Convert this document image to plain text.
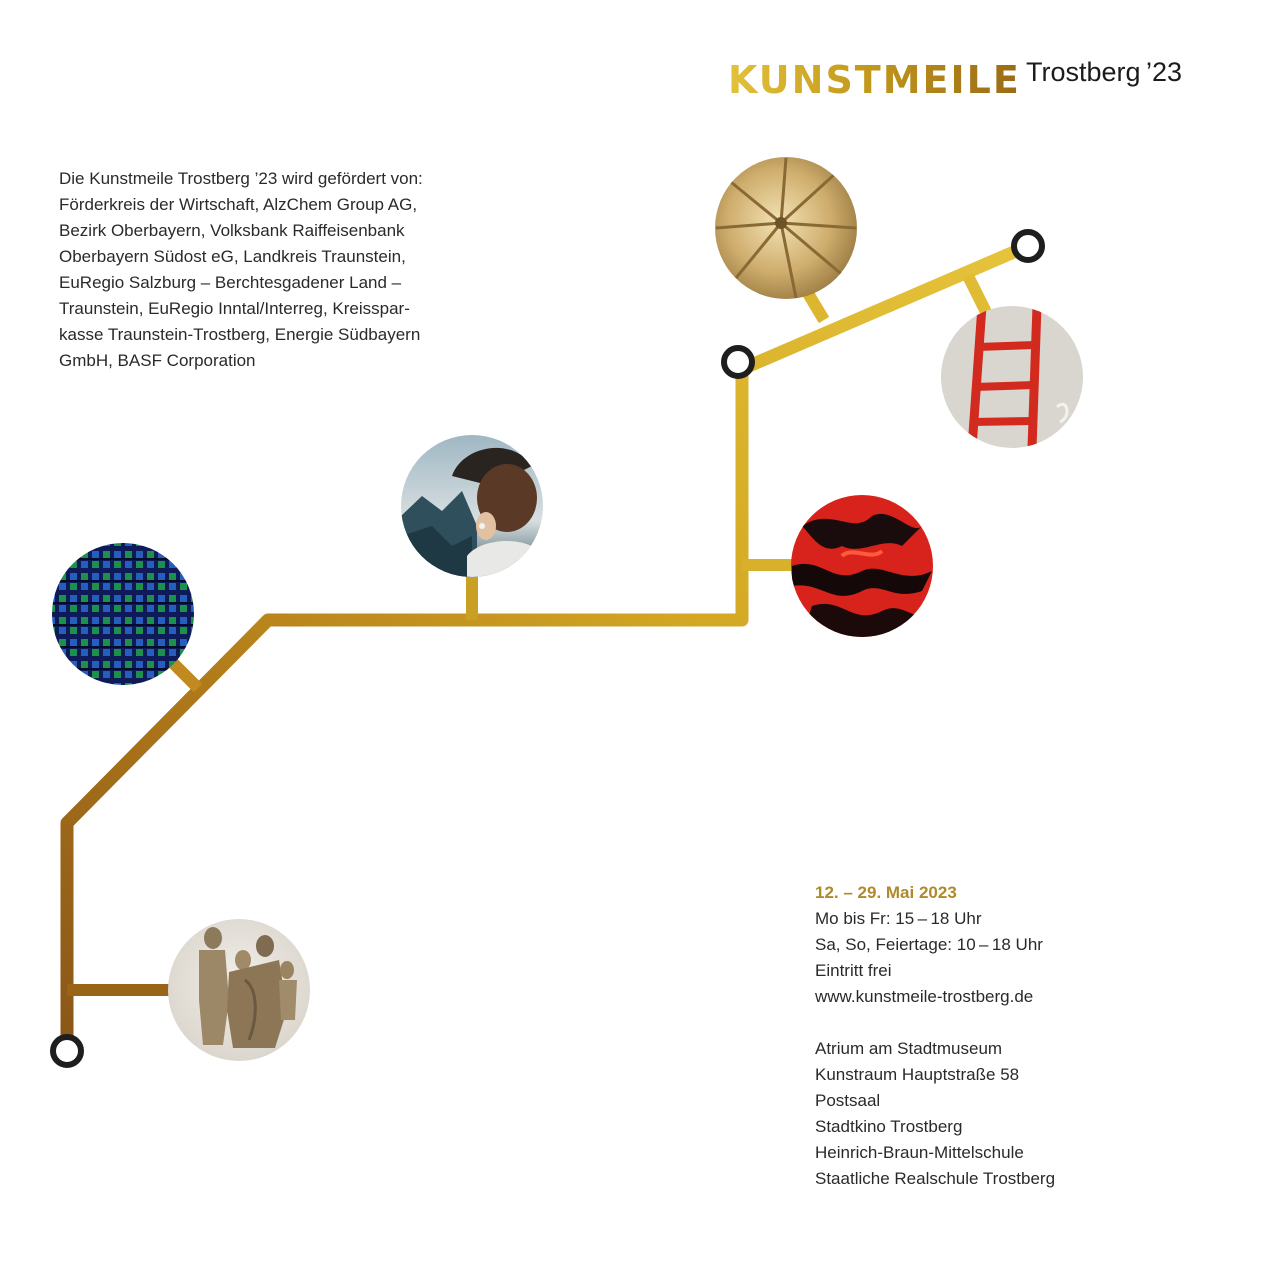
KUNSTMEILE Trostberg ’23
Die Kunstmeile Trostberg ’23 wird gefördert von:
Förderkreis der Wirtschaft, AlzChem Group AG,
Bezirk Oberbayern, Volksbank Raiffeisenbank
Oberbayern Südost eG, Landkreis Traunstein,
EuRegio Salzburg – Berchtesgadener Land –
Traunstein, EuRegio Inntal/Interreg, Kreisspar-
kasse Traunstein-Trostberg, Energie Südbayern
GmbH, BASF Corporation
12. – 29. Mai 2023
Mo bis Fr: 15 – 18 Uhr
Sa, So, Feiertage: 10 – 18 Uhr
Eintritt frei
www.kunstmeile-trostberg.de
Atrium am Stadtmuseum
Kunstraum Hauptstraße 58
Postsaal
Stadtkino Trostberg
Heinrich-Braun-Mittelschule
Staatliche Realschule Trostberg
